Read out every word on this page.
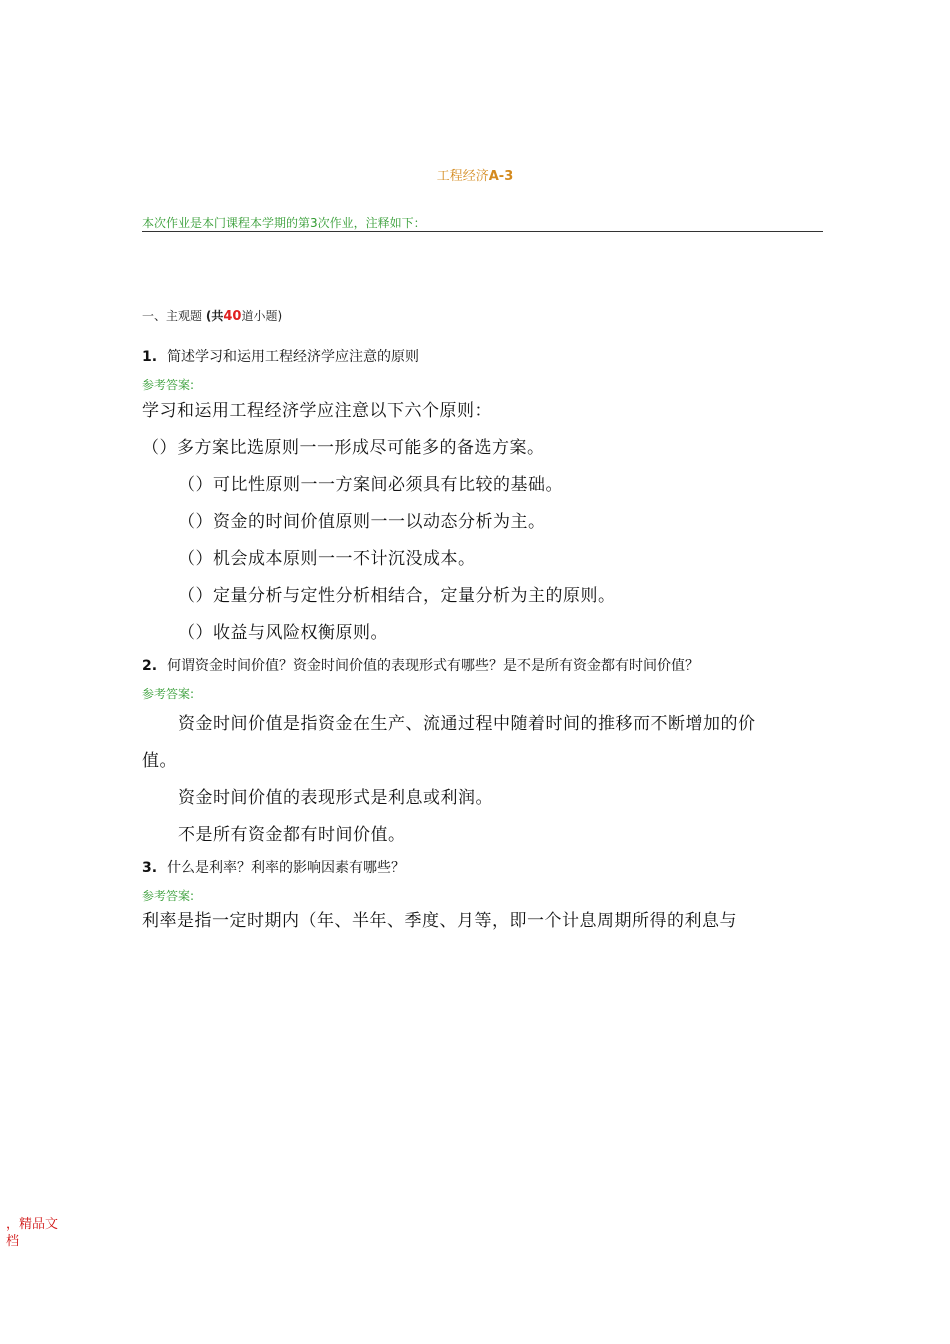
工程经济A-3
本次作业是本门课程本学期的第3次作业，注释如下：
一、主观题 (共40道小题)
1. 简述学习和运用工程经济学应注意的原则
参考答案:
学习和运用工程经济学应注意以下六个原则：
（）多方案比选原则一一形成尽可能多的备选方案。
（）可比性原则一一方案间必须具有比较的基础。
（）资金的时间价值原则一一以动态分析为主。
（）机会成本原则一一不计沉没成本。
（）定量分析与定性分析相结合，定量分析为主的原则。
（）收益与风险权衡原则。
2. 何谓资金时间价值？资金时间价值的表现形式有哪些？是不是所有资金都有时间价值？
参考答案:
资金时间价值是指资金在生产、流通过程中随着时间的推移而不断增加的价
值。
资金时间价值的表现形式是利息或利润。
不是所有资金都有时间价值。
3. 什么是利率？利率的影响因素有哪些？
参考答案:
利率是指一定时期内（年、半年、季度、月等，即一个计息周期所得的利息与
，精品文档
